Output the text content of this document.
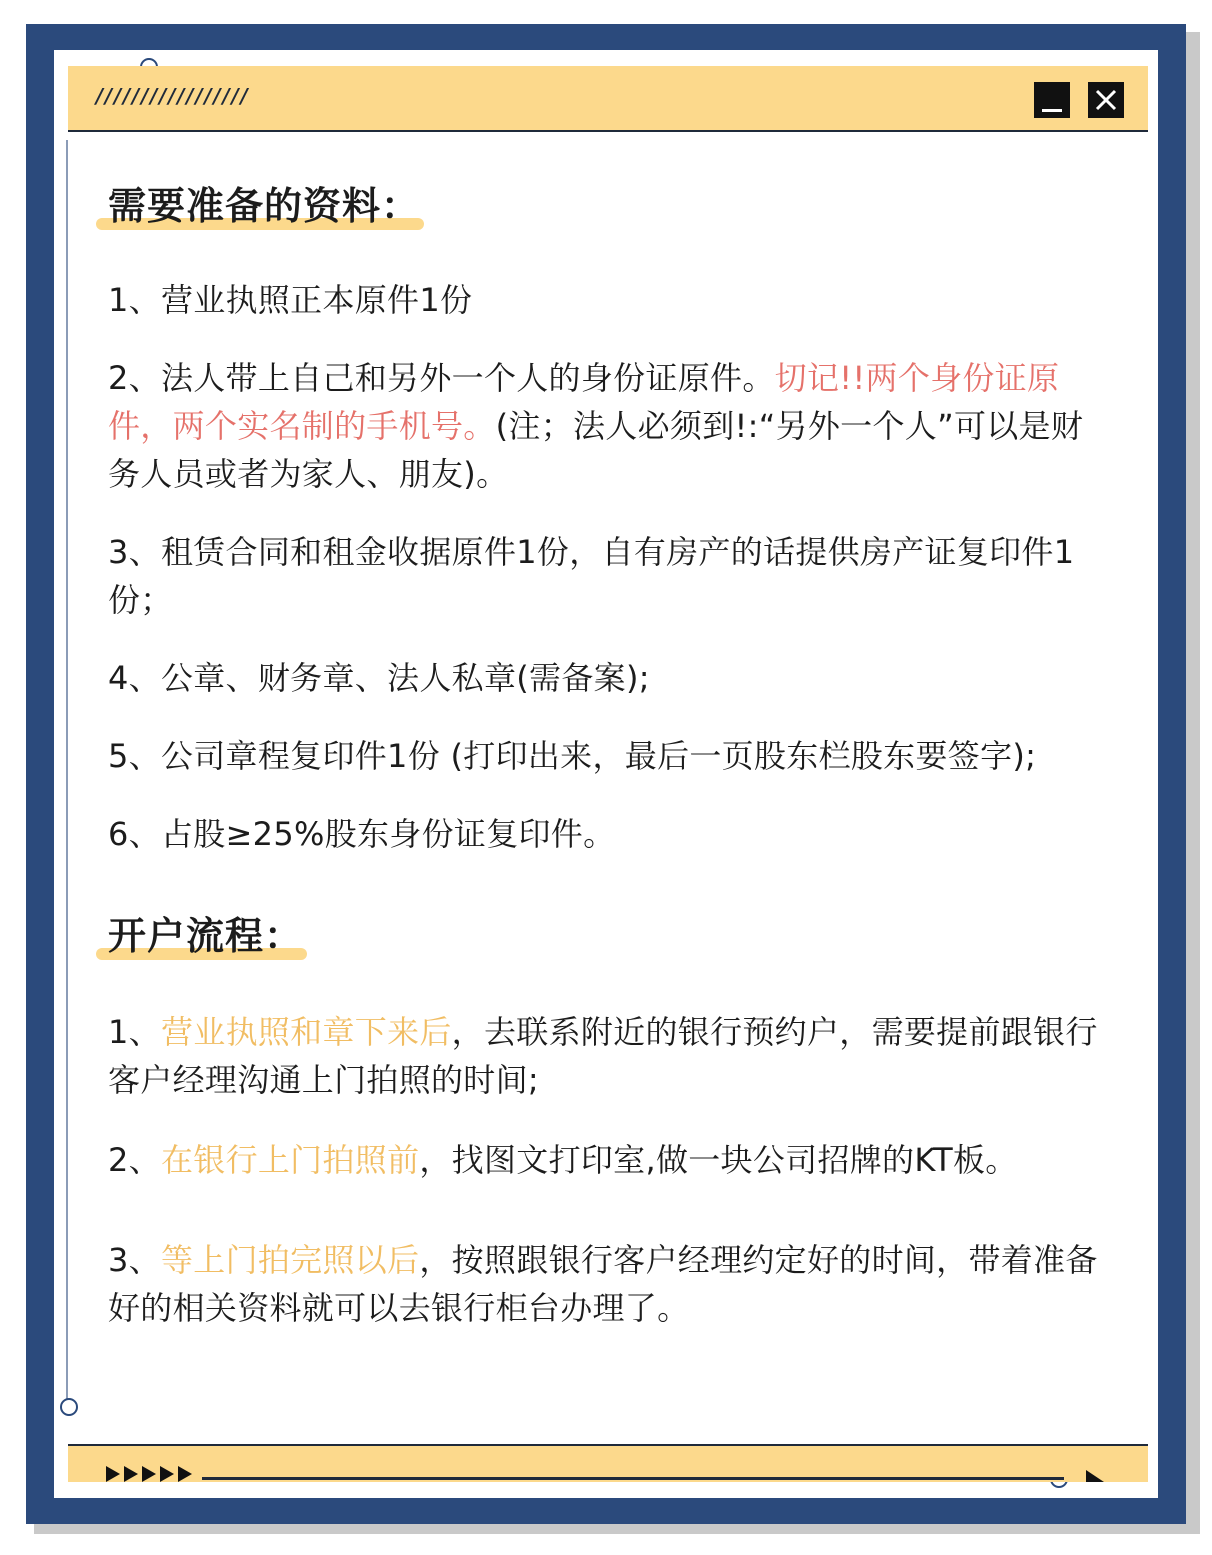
/////////////////
需要准备的资料：

1、营业执照正本原件1份

2、法人带上自己和另外一个人的身份证原件。切记!!两个身份证原件，两个实名制的手机号。(注；法人必须到!:“另外一个人”可以是财务人员或者为家人、朋友)。

3、租赁合同和租金收据原件1份，自有房产的话提供房产证复印件1份；

4、公章、财务章、法人私章(需备案);

5、公司章程复印件1份 (打印出来，最后一页股东栏股东要签字);

6、占股≥25%股东身份证复印件。

开户流程：

1、营业执照和章下来后，去联系附近的银行预约户，需要提前跟银行客户经理沟通上门拍照的时间;

2、在银行上门拍照前，找图文打印室,做一块公司招牌的KT板。

3、等上门拍完照以后，按照跟银行客户经理约定好的时间，带着准备好的相关资料就可以去银行柜台办理了。
